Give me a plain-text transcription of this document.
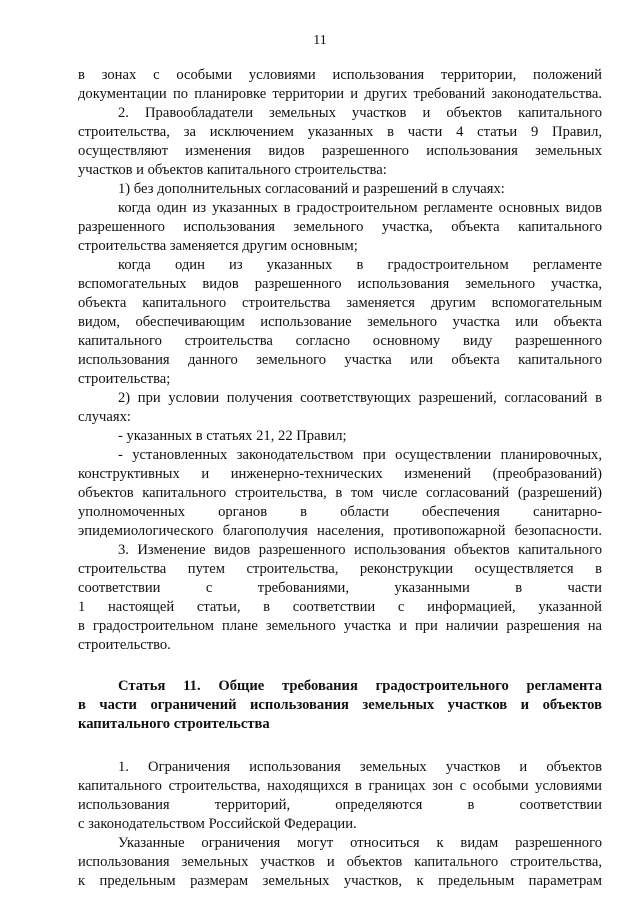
11
в зонах с особыми условиями использования территории, положений
документации по планировке территории и других требований законодательства.
2. Правообладатели земельных участков и объектов капитального
строительства, за исключением указанных в части 4 статьи 9 Правил,
осуществляют изменения видов разрешенного использования земельных
участков и объектов капитального строительства:
1) без дополнительных согласований и разрешений в случаях:
когда один из указанных в градостроительном регламенте основных видов
разрешенного использования земельного участка, объекта капитального
строительства заменяется другим основным;
когда один из указанных в градостроительном регламенте
вспомогательных видов разрешенного использования земельного участка,
объекта капитального строительства заменяется другим вспомогательным
видом, обеспечивающим использование земельного участка или объекта
капитального строительства согласно основному виду разрешенного
использования данного земельного участка или объекта капитального
строительства;
2) при условии получения соответствующих разрешений, согласований в
случаях:
- указанных в статьях 21, 22 Правил;
- установленных законодательством при осуществлении планировочных,
конструктивных и инженерно-технических изменений (преобразований)
объектов капитального строительства, в том числе согласований (разрешений)
уполномоченных органов в области обеспечения санитарно-
эпидемиологического благополучия населения, противопожарной безопасности.
3. Изменение видов разрешенного использования объектов капитального
строительства путем строительства, реконструкции осуществляется в
соответствии с требованиями, указанными в части
1 настоящей статьи, в соответствии с информацией, указанной
в градостроительном плане земельного участка и при наличии разрешения на
строительство.
Статья 11. Общие требования градостроительного регламента
в части ограничений использования земельных участков и объектов
капитального строительства
1. Ограничения использования земельных участков и объектов
капитального строительства, находящихся в границах зон с особыми условиями
использования территорий, определяются в соответствии
с законодательством Российской Федерации.
Указанные ограничения могут относиться к видам разрешенного
использования земельных участков и объектов капитального строительства,
к предельным размерам земельных участков, к предельным параметрам
